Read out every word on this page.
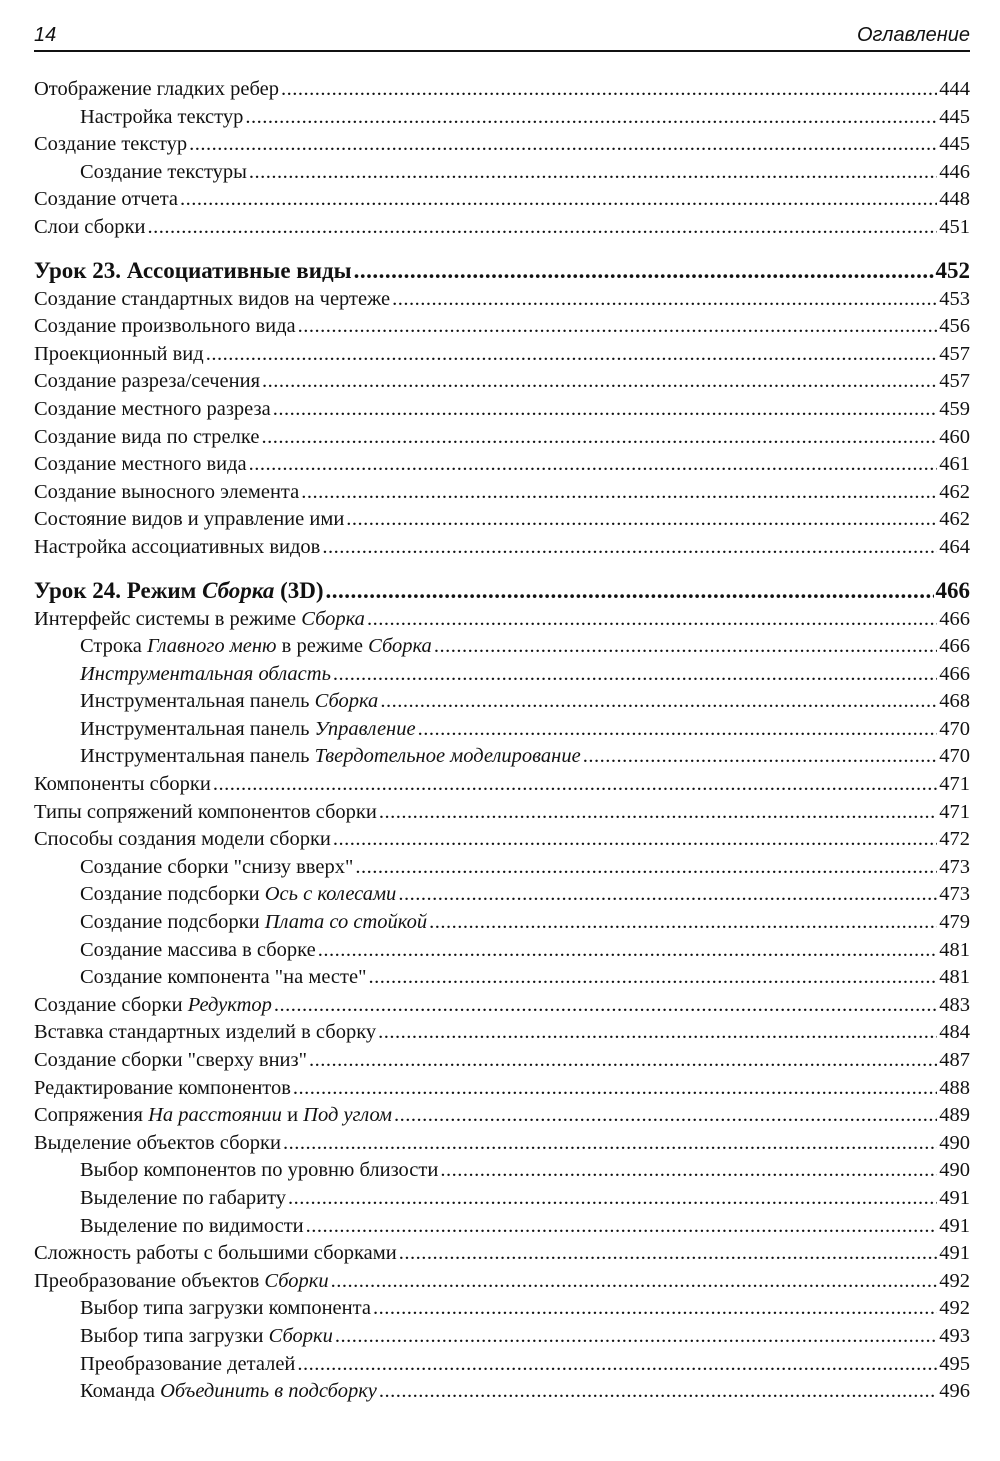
14	Оглавление
Отображение гладких ребер .....	444
Настройка текстур .....	445
Создание текстур .....	445
Создание текстуры .....	446
Создание отчета .....	448
Слои сборки .....	451
Урок 23. Ассоциативные виды .....	452
Создание стандартных видов на чертеже .....	453
Создание произвольного вида .....	456
Проекционный вид .....	457
Создание разреза/сечения .....	457
Создание местного разреза .....	459
Создание вида по стрелке .....	460
Создание местного вида .....	461
Создание выносного элемента .....	462
Состояние видов и управление ими .....	462
Настройка ассоциативных видов .....	464
Урок 24. Режим Сборка (3D) .....	466
Интерфейс системы в режиме Сборка .....	466
Строка Главного меню в режиме Сборка .....	466
Инструментальная область .....	466
Инструментальная панель Сборка .....	468
Инструментальная панель Управление .....	470
Инструментальная панель Твердотельное моделирование .....	470
Компоненты сборки .....	471
Типы сопряжений компонентов сборки .....	471
Способы создания модели сборки .....	472
Создание сборки "снизу вверх" .....	473
Создание подсборки Ось с колесами .....	473
Создание подсборки Плата со стойкой .....	479
Создание массива в сборке .....	481
Создание компонента "на месте" .....	481
Создание сборки Редуктор .....	483
Вставка стандартных изделий в сборку .....	484
Создание сборки "сверху вниз" .....	487
Редактирование компонентов .....	488
Сопряжения На расстоянии и Под углом .....	489
Выделение объектов сборки .....	490
Выбор компонентов по уровню близости .....	490
Выделение по габариту .....	491
Выделение по видимости .....	491
Сложность работы с большими сборками .....	491
Преобразование объектов Сборки .....	492
Выбор типа загрузки компонента .....	492
Выбор типа загрузки Сборки .....	493
Преобразование деталей .....	495
Команда Объединить в подсборку .....	496
